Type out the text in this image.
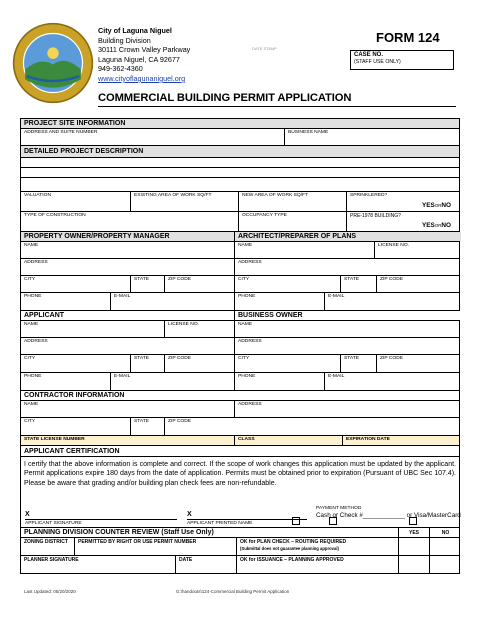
City of Laguna Niguel
Building Division
30111 Crown Valley Parkway
Laguna Niguel, CA 92677
949-362-4360
www.cityoflagunaniguel.org
DATE STAMP
FORM 124
CASE NO.
(STAFF USE ONLY)
COMMERCIAL BUILDING PERMIT APPLICATION
PROJECT SITE INFORMATION
ADDRESS AND SUITE NUMBER	BUSINESS NAME
DETAILED PROJECT DESCRIPTION
VALUATION	EXISTING AREA OF WORK SQ/FT	NEW AREA OF WORK SQ/FT	SPRINKLERED?
YESORNO
TYPE OF CONSTRUCTION	OCCUPANCY TYPE	PRE-1978 BUILDING?
YESORNO
PROPERTY OWNER/PROPERTY MANAGER	ARCHITECT/PREPARER OF PLANS
NAME	NAME	LICENSE NO.
ADDRESS	ADDRESS
CITY	STATE	ZIP CODE	CITY	STATE	ZIP CODE
PHONE	E-MAIL	PHONE	E-MAIL
APPLICANT	BUSINESS OWNER
NAME	LICENSE NO.	NAME
ADDRESS	ADDRESS
CITY	STATE	ZIP CODE	CITY	STATE	ZIP CODE
PHONE	E-MAIL	PHONE	E-MAIL
CONTRACTOR INFORMATION
NAME	ADDRESS
CITY	STATE	ZIP CODE
STATE LICENSE NUMBER	CLASS	EXPIRATION DATE
APPLICANT CERTIFICATION
I certify that the above information is complete and correct. If the scope of work changes this application must be updated by the applicant. Permit applications expire 180 days from the date of application. Permits must be obtained prior to expiration (Pursuant of UBC Sec 107.4). Please be aware that grading and/or building plan check fees are non-refundable.
X
APPLICANT SIGNATURE
X
APPLICANT PRINTED NAME
PAYMENT METHOD
Cash or Check #____________ or Visa/MasterCard
PLANNING DIVISION COUNTER REVIEW (Staff Use Only)	YES	NO
ZONING DISTRICT	PERMITTED BY RIGHT OR USE PERMIT NUMBER	OK for PLAN CHECK – ROUTING REQUIRED
(Submittal does not guarantee planning approval)
PLANNER SIGNATURE	DATE	OK for ISSUANCE – PLANNING APPROVED
Last Updated: 05/20/2020	G:\handouts\124-Commercial Building Permit Application
